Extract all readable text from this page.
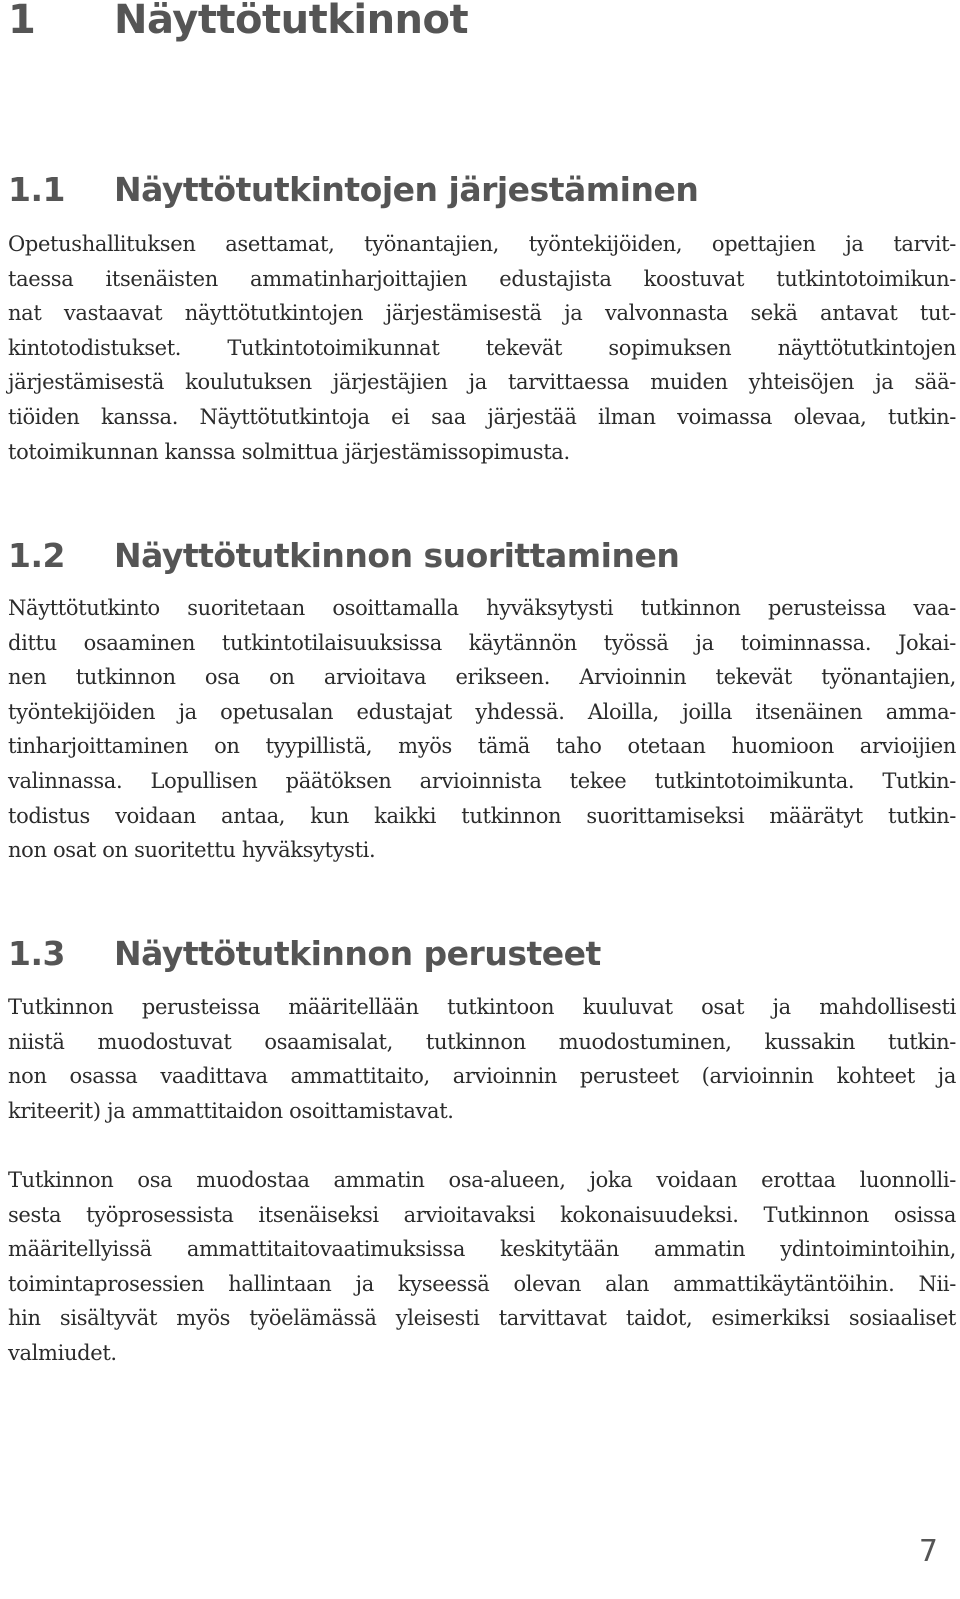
1 Näyttötutkinnot
1.1 Näyttötutkintojen järjestäminen
Opetushallituksen asettamat, työnantajien, työntekijöiden, opettajien ja tarvit-
taessa itsenäisten ammatinharjoittajien edustajista koostuvat tutkintotoimikun-
nat vastaavat näyttötutkintojen järjestämisestä ja valvonnasta sekä antavat tut-
kintotodistukset. Tutkintotoimikunnat tekevät sopimuksen näyttötutkintojen
järjestämisestä koulutuksen järjestäjien ja tarvittaessa muiden yhteisöjen ja sää-
tiöiden kanssa. Näyttötutkintoja ei saa järjestää ilman voimassa olevaa, tutkin-
totoimikunnan kanssa solmittua järjestämissopimusta.
1.2 Näyttötutkinnon suorittaminen
Näyttötutkinto suoritetaan osoittamalla hyväksytysti tutkinnon perusteissa vaa-
dittu osaaminen tutkintotilaisuuksissa käytännön työssä ja toiminnassa. Jokai-
nen tutkinnon osa on arvioitava erikseen. Arvioinnin tekevät työnantajien,
työntekijöiden ja opetusalan edustajat yhdessä. Aloilla, joilla itsenäinen amma-
tinharjoittaminen on tyypillistä, myös tämä taho otetaan huomioon arvioijien
valinnassa. Lopullisen päätöksen arvioinnista tekee tutkintotoimikunta. Tutkin-
todistus voidaan antaa, kun kaikki tutkinnon suorittamiseksi määrätyt tutkin-
non osat on suoritettu hyväksytysti.
1.3 Näyttötutkinnon perusteet
Tutkinnon perusteissa määritellään tutkintoon kuuluvat osat ja mahdollisesti
niistä muodostuvat osaamisalat, tutkinnon muodostuminen, kussakin tutkin-
non osassa vaadittava ammattitaito, arvioinnin perusteet (arvioinnin kohteet ja
kriteerit) ja ammattitaidon osoittamistavat.
Tutkinnon osa muodostaa ammatin osa-alueen, joka voidaan erottaa luonnolli-
sesta työprosessista itsenäiseksi arvioitavaksi kokonaisuudeksi. Tutkinnon osissa
määritellyissä ammattitaitovaatimuksissa keskitytään ammatin ydintoimintoihin,
toimintaprosessien hallintaan ja kyseessä olevan alan ammattikäytäntöihin. Nii-
hin sisältyvät myös työelämässä yleisesti tarvittavat taidot, esimerkiksi sosiaaliset
valmiudet.
7
